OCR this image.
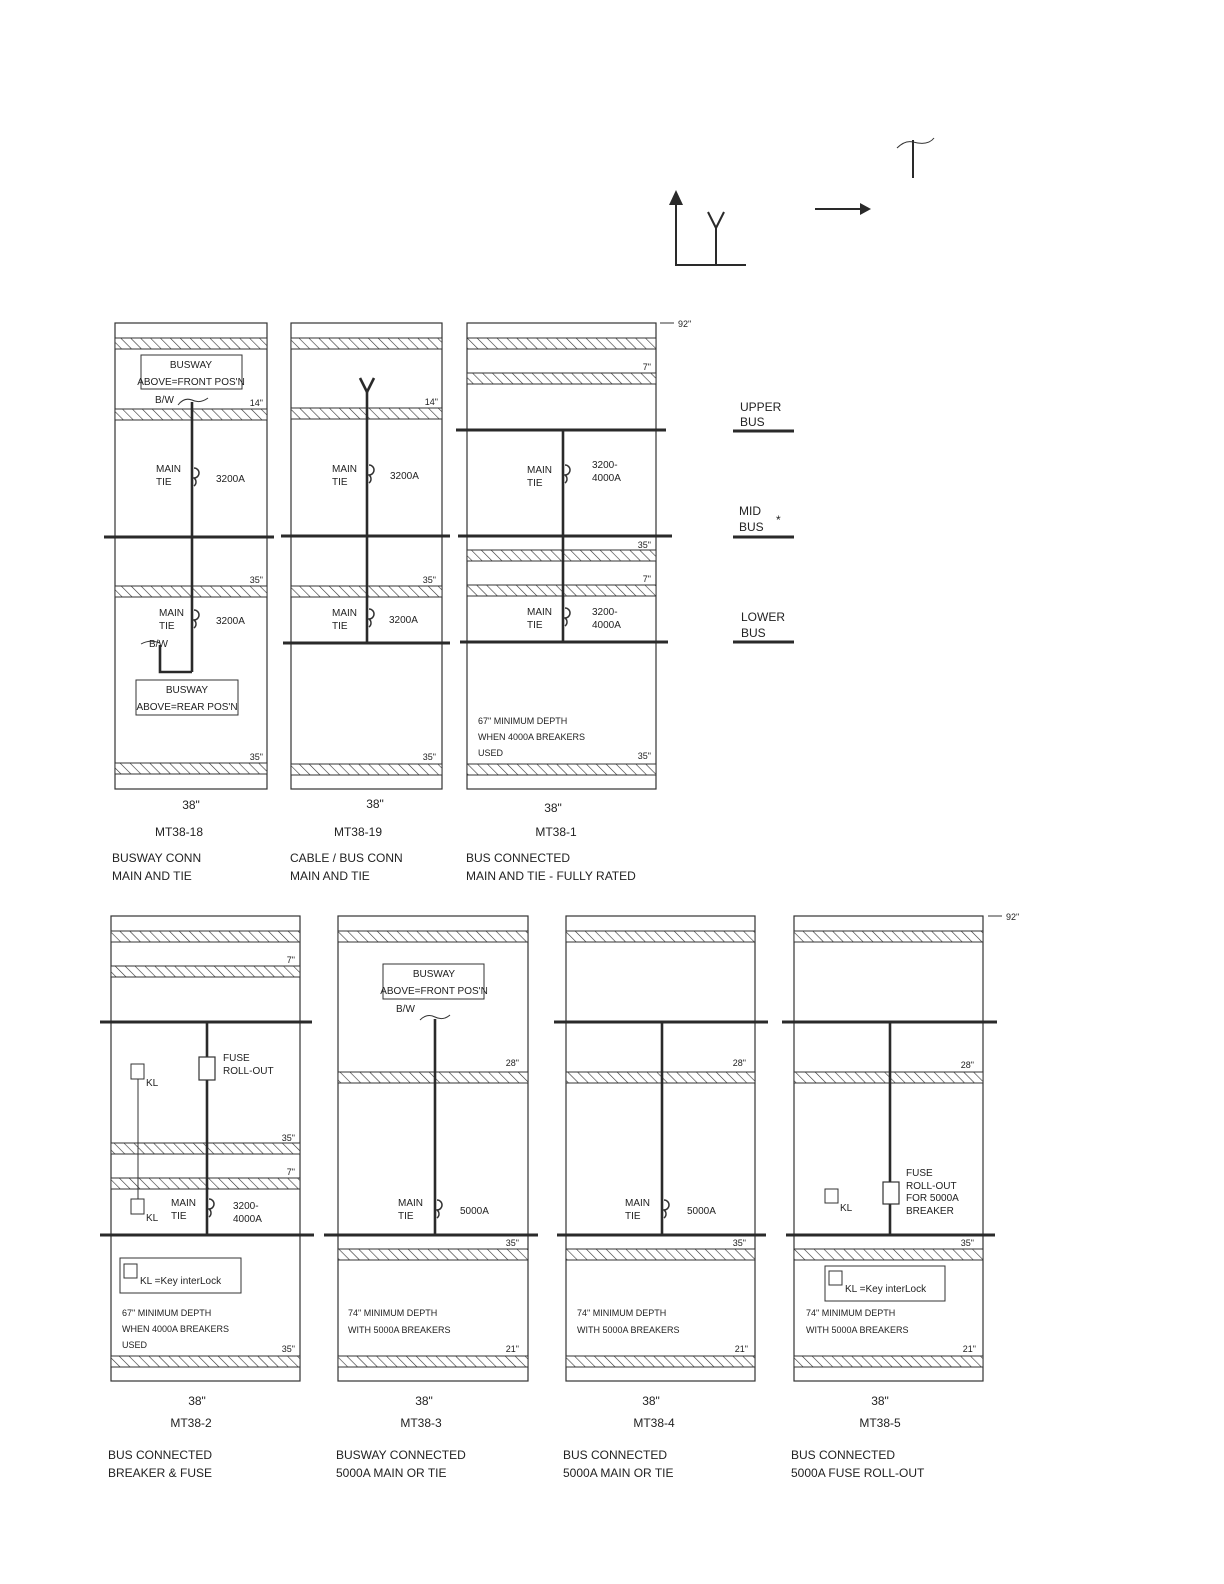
UPPER
BUS
MID
BUS *
LOWER
BUS
92"
92"
BUSWAY
ABOVE=FRONT POS'N
B/W
B/W
BUSWAY
ABOVE=REAR POS'N
MAIN
TIE	3200A
MAIN
TIE	3200A
14"
35"
35"
38"
MT38-18
BUSWAY CONN
MAIN AND TIE
MAIN
TIE
3200A
MAIN
TIE
3200A
14"
35"
35"
38"
MT38-19
CABLE / BUS CONN
MAIN AND TIE
MAIN
TIE
3200-
4000A
MAIN
TIE
3200-
4000A
67" MINIMUM DEPTH
WHEN 4000A BREAKERS
USED
7"
35"
7"
35"
38"
MT38-1
BUS CONNECTED
MAIN AND TIE - FULLY RATED
FUSE
ROLL-OUT
KL
KL
MAIN
TIE
3200-
4000A
KL =Key interLock
67" MINIMUM DEPTH
WHEN 4000A BREAKERS
USED
7"
35"
7"
35"
38"
MT38-2
BUS CONNECTED
BREAKER & FUSE
BUSWAY
ABOVE=FRONT POS'N
B/W
MAIN
TIE	5000A
74" MINIMUM DEPTH
WITH 5000A BREAKERS
28"
35"
21"
38"
MT38-3
BUSWAY CONNECTED
5000A MAIN OR TIE
MAIN
TIE	5000A
74" MINIMUM DEPTH
WITH 5000A BREAKERS
28"
35"
21"
38"
MT38-4
BUS CONNECTED
5000A MAIN OR TIE
FUSE
ROLL-OUT
FOR 5000A
BREAKER
KL
KL =Key interLock
74" MINIMUM DEPTH
WITH 5000A BREAKERS
28"
35"
21"
38"
MT38-5
BUS CONNECTED
5000A FUSE ROLL-OUT
